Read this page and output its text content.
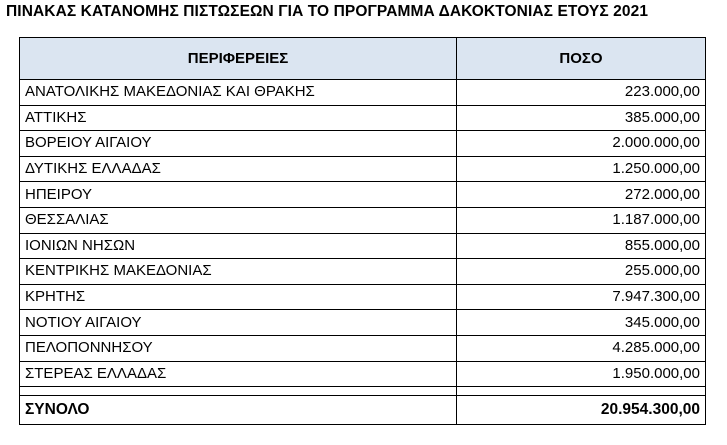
ΠΙΝΑΚΑΣ ΚΑΤΑΝΟΜΗΣ ΠΙΣΤΩΣΕΩΝ ΓΙΑ ΤΟ ΠΡΟΓΡΑΜΜΑ ΔΑΚΟΚΤΟΝΙΑΣ ΕΤΟΥΣ 2021
ΠΕΡΙΦΕΡΕΙΕΣ	ΠΟΣΟ
ΑΝΑΤΟΛΙΚΗΣ ΜΑΚΕΔΟΝΙΑΣ ΚΑΙ ΘΡΑΚΗΣ	223.000,00
ΑΤΤΙΚΗΣ	385.000,00
ΒΟΡΕΙΟΥ ΑΙΓΑΙΟΥ	2.000.000,00
ΔΥΤΙΚΗΣ ΕΛΛΑΔΑΣ	1.250.000,00
ΗΠΕΙΡΟΥ	272.000,00
ΘΕΣΣΑΛΙΑΣ	1.187.000,00
ΙΟΝΙΩΝ ΝΗΣΩΝ	855.000,00
ΚΕΝΤΡΙΚΗΣ ΜΑΚΕΔΟΝΙΑΣ	255.000,00
ΚΡΗΤΗΣ	7.947.300,00
ΝΟΤΙΟΥ ΑΙΓΑΙΟΥ	345.000,00
ΠΕΛΟΠΟΝΝΗΣΟΥ	4.285.000,00
ΣΤΕΡΕΑΣ ΕΛΛΑΔΑΣ	1.950.000,00

ΣΥΝΟΛΟ	20.954.300,00
